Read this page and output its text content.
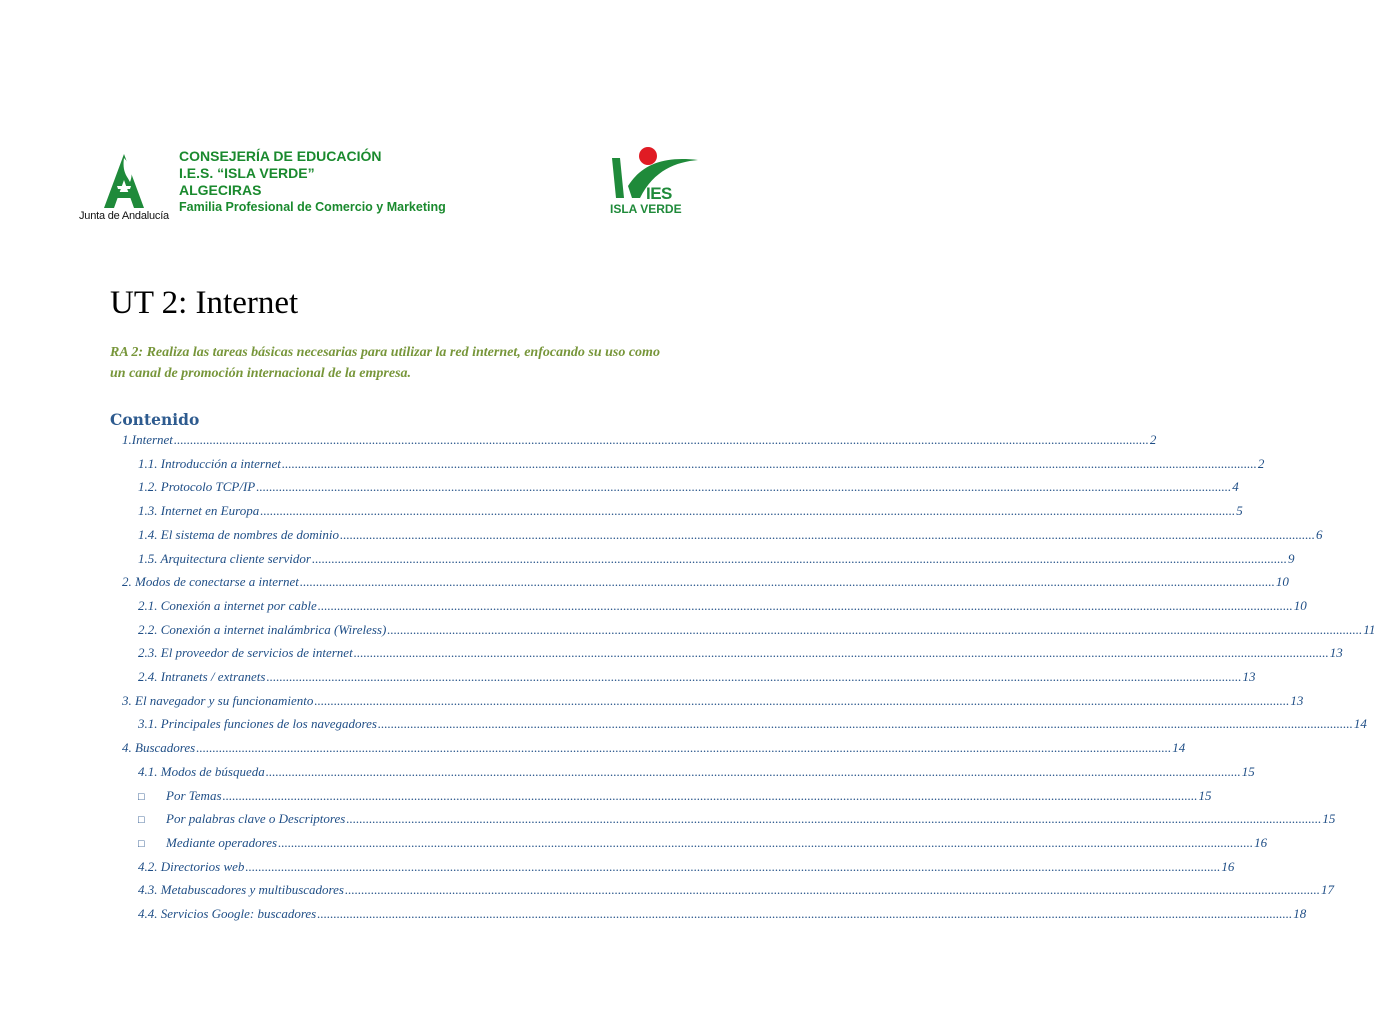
Junta de Andalucía
CONSEJERÍA DE EDUCACIÓN
I.E.S. “ISLA VERDE”
ALGECIRAS
Familia Profesional de Comercio y Marketing
IES
ISLA VERDE
UT 2: Internet

RA 2: Realiza las tareas básicas necesarias para utilizar la red internet, enfocando su uso como un canal de promoción internacional de la empresa.

Contenido
1.Internet ............................................................................................................................................................................................................................................................................................................ 2
1.1. Introducción a internet ............................................................................................................................................................................................................................................................................................................ 2
1.2. Protocolo TCP/IP ............................................................................................................................................................................................................................................................................................................ 4
1.3. Internet en Europa ............................................................................................................................................................................................................................................................................................................ 5
1.4. El sistema de nombres de dominio ............................................................................................................................................................................................................................................................................................................ 6
1.5. Arquitectura cliente servidor ............................................................................................................................................................................................................................................................................................................ 9
2. Modos de conectarse a internet ............................................................................................................................................................................................................................................................................................................ 10
2.1. Conexión a internet por cable ............................................................................................................................................................................................................................................................................................................ 10
2.2. Conexión a internet inalámbrica (Wireless) ............................................................................................................................................................................................................................................................................................................ 11
2.3. El proveedor de servicios de internet ............................................................................................................................................................................................................................................................................................................ 13
2.4. Intranets / extranets ............................................................................................................................................................................................................................................................................................................ 13
3. El navegador y su funcionamiento ............................................................................................................................................................................................................................................................................................................ 13
3.1. Principales funciones de los navegadores ............................................................................................................................................................................................................................................................................................................ 14
4. Buscadores ............................................................................................................................................................................................................................................................................................................ 14
4.1. Modos de búsqueda ............................................................................................................................................................................................................................................................................................................ 15
□	Por Temas ............................................................................................................................................................................................................................................................................................................ 15
□	Por palabras clave o Descriptores ............................................................................................................................................................................................................................................................................................................ 15
□	Mediante operadores ............................................................................................................................................................................................................................................................................................................ 16
4.2. Directorios web ............................................................................................................................................................................................................................................................................................................ 16
4.3. Metabuscadores y multibuscadores ............................................................................................................................................................................................................................................................................................................ 17
4.4. Servicios Google: buscadores ............................................................................................................................................................................................................................................................................................................ 18
